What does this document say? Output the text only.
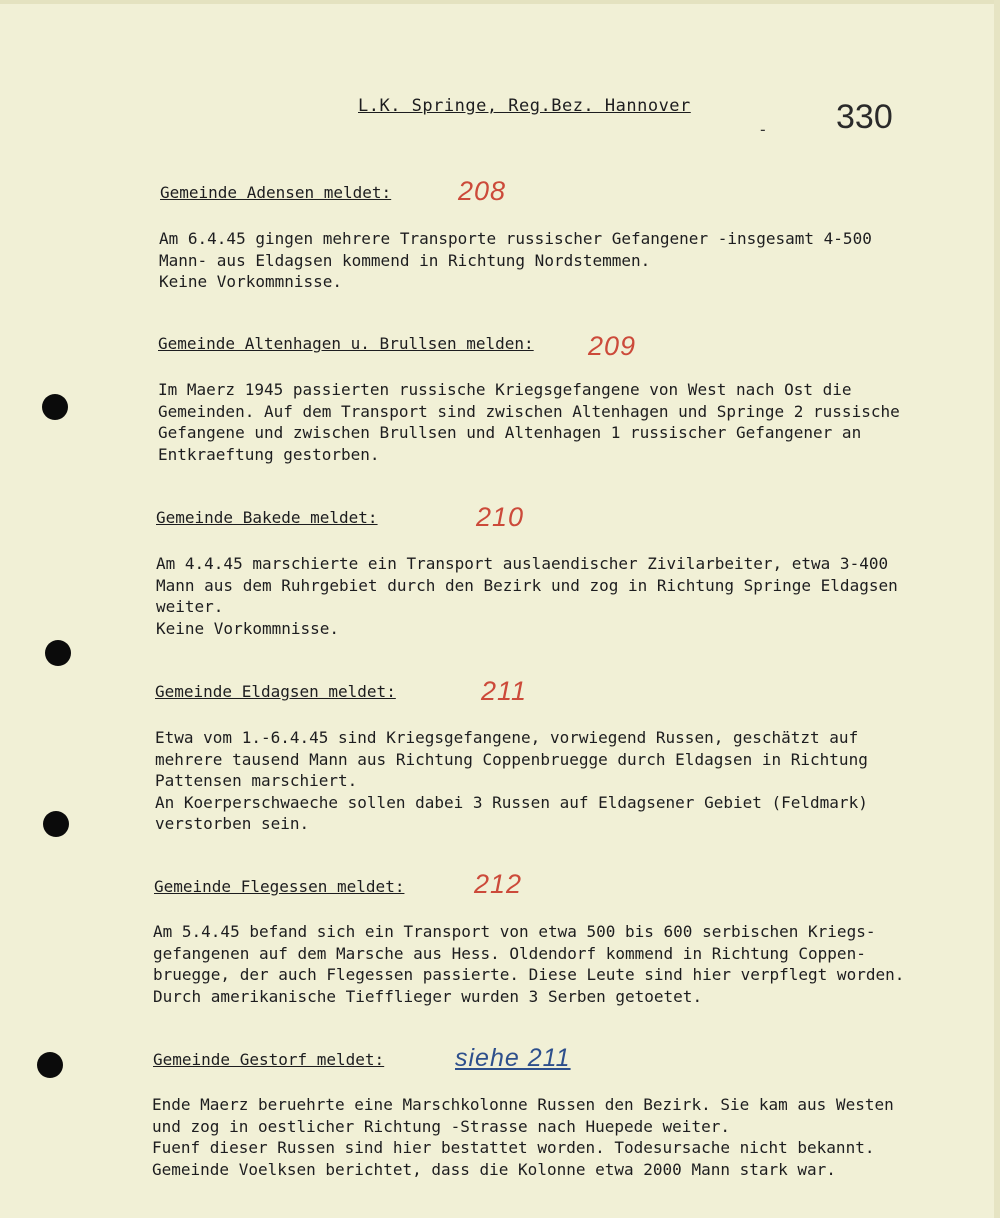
L.K. Springe, Reg.Bez. Hannover
- 330
Gemeinde Adensen meldet: 208
Am 6.4.45 gingen mehrere Transporte russischer Gefangener -insgesamt 4-500
Mann- aus Eldagsen kommend in Richtung Nordstemmen.
Keine Vorkommnisse.
Gemeinde Altenhagen u. Brullsen melden: 209
Im Maerz 1945 passierten russische Kriegsgefangene von West nach Ost die
Gemeinden. Auf dem Transport sind zwischen Altenhagen und Springe 2 russische
Gefangene und zwischen Brullsen und Altenhagen 1 russischer Gefangener an
Entkraeftung gestorben.
Gemeinde Bakede meldet:	210
Am 4.4.45 marschierte ein Transport auslaendischer Zivilarbeiter, etwa 3-400
Mann aus dem Ruhrgebiet durch den Bezirk und zog in Richtung Springe Eldagsen
weiter.
Keine Vorkommnisse.
Gemeinde Eldagsen meldet:	211
Etwa vom 1.-6.4.45 sind Kriegsgefangene, vorwiegend Russen, geschätzt auf
mehrere tausend Mann aus Richtung Coppenbruegge durch Eldagsen in Richtung
Pattensen marschiert.
An Koerperschwaeche sollen dabei 3 Russen auf Eldagsener Gebiet (Feldmark)
verstorben sein.
Gemeinde Flegessen meldet:	212
Am 5.4.45 befand sich ein Transport von etwa 500 bis 600 serbischen Kriegs-
gefangenen auf dem Marsche aus Hess. Oldendorf kommend in Richtung Coppen-
bruegge, der auch Flegessen passierte. Diese Leute sind hier verpflegt worden.
Durch amerikanische Tiefflieger wurden 3 Serben getoetet.
Gemeinde Gestorf meldet:	siehe 211
Ende Maerz beruehrte eine Marschkolonne Russen den Bezirk. Sie kam aus Westen
und zog in oestlicher Richtung -Strasse nach Huepede weiter.
Fuenf dieser Russen sind hier bestattet worden. Todesursache nicht bekannt.
Gemeinde Voelksen berichtet, dass die Kolonne etwa 2000 Mann stark war.
